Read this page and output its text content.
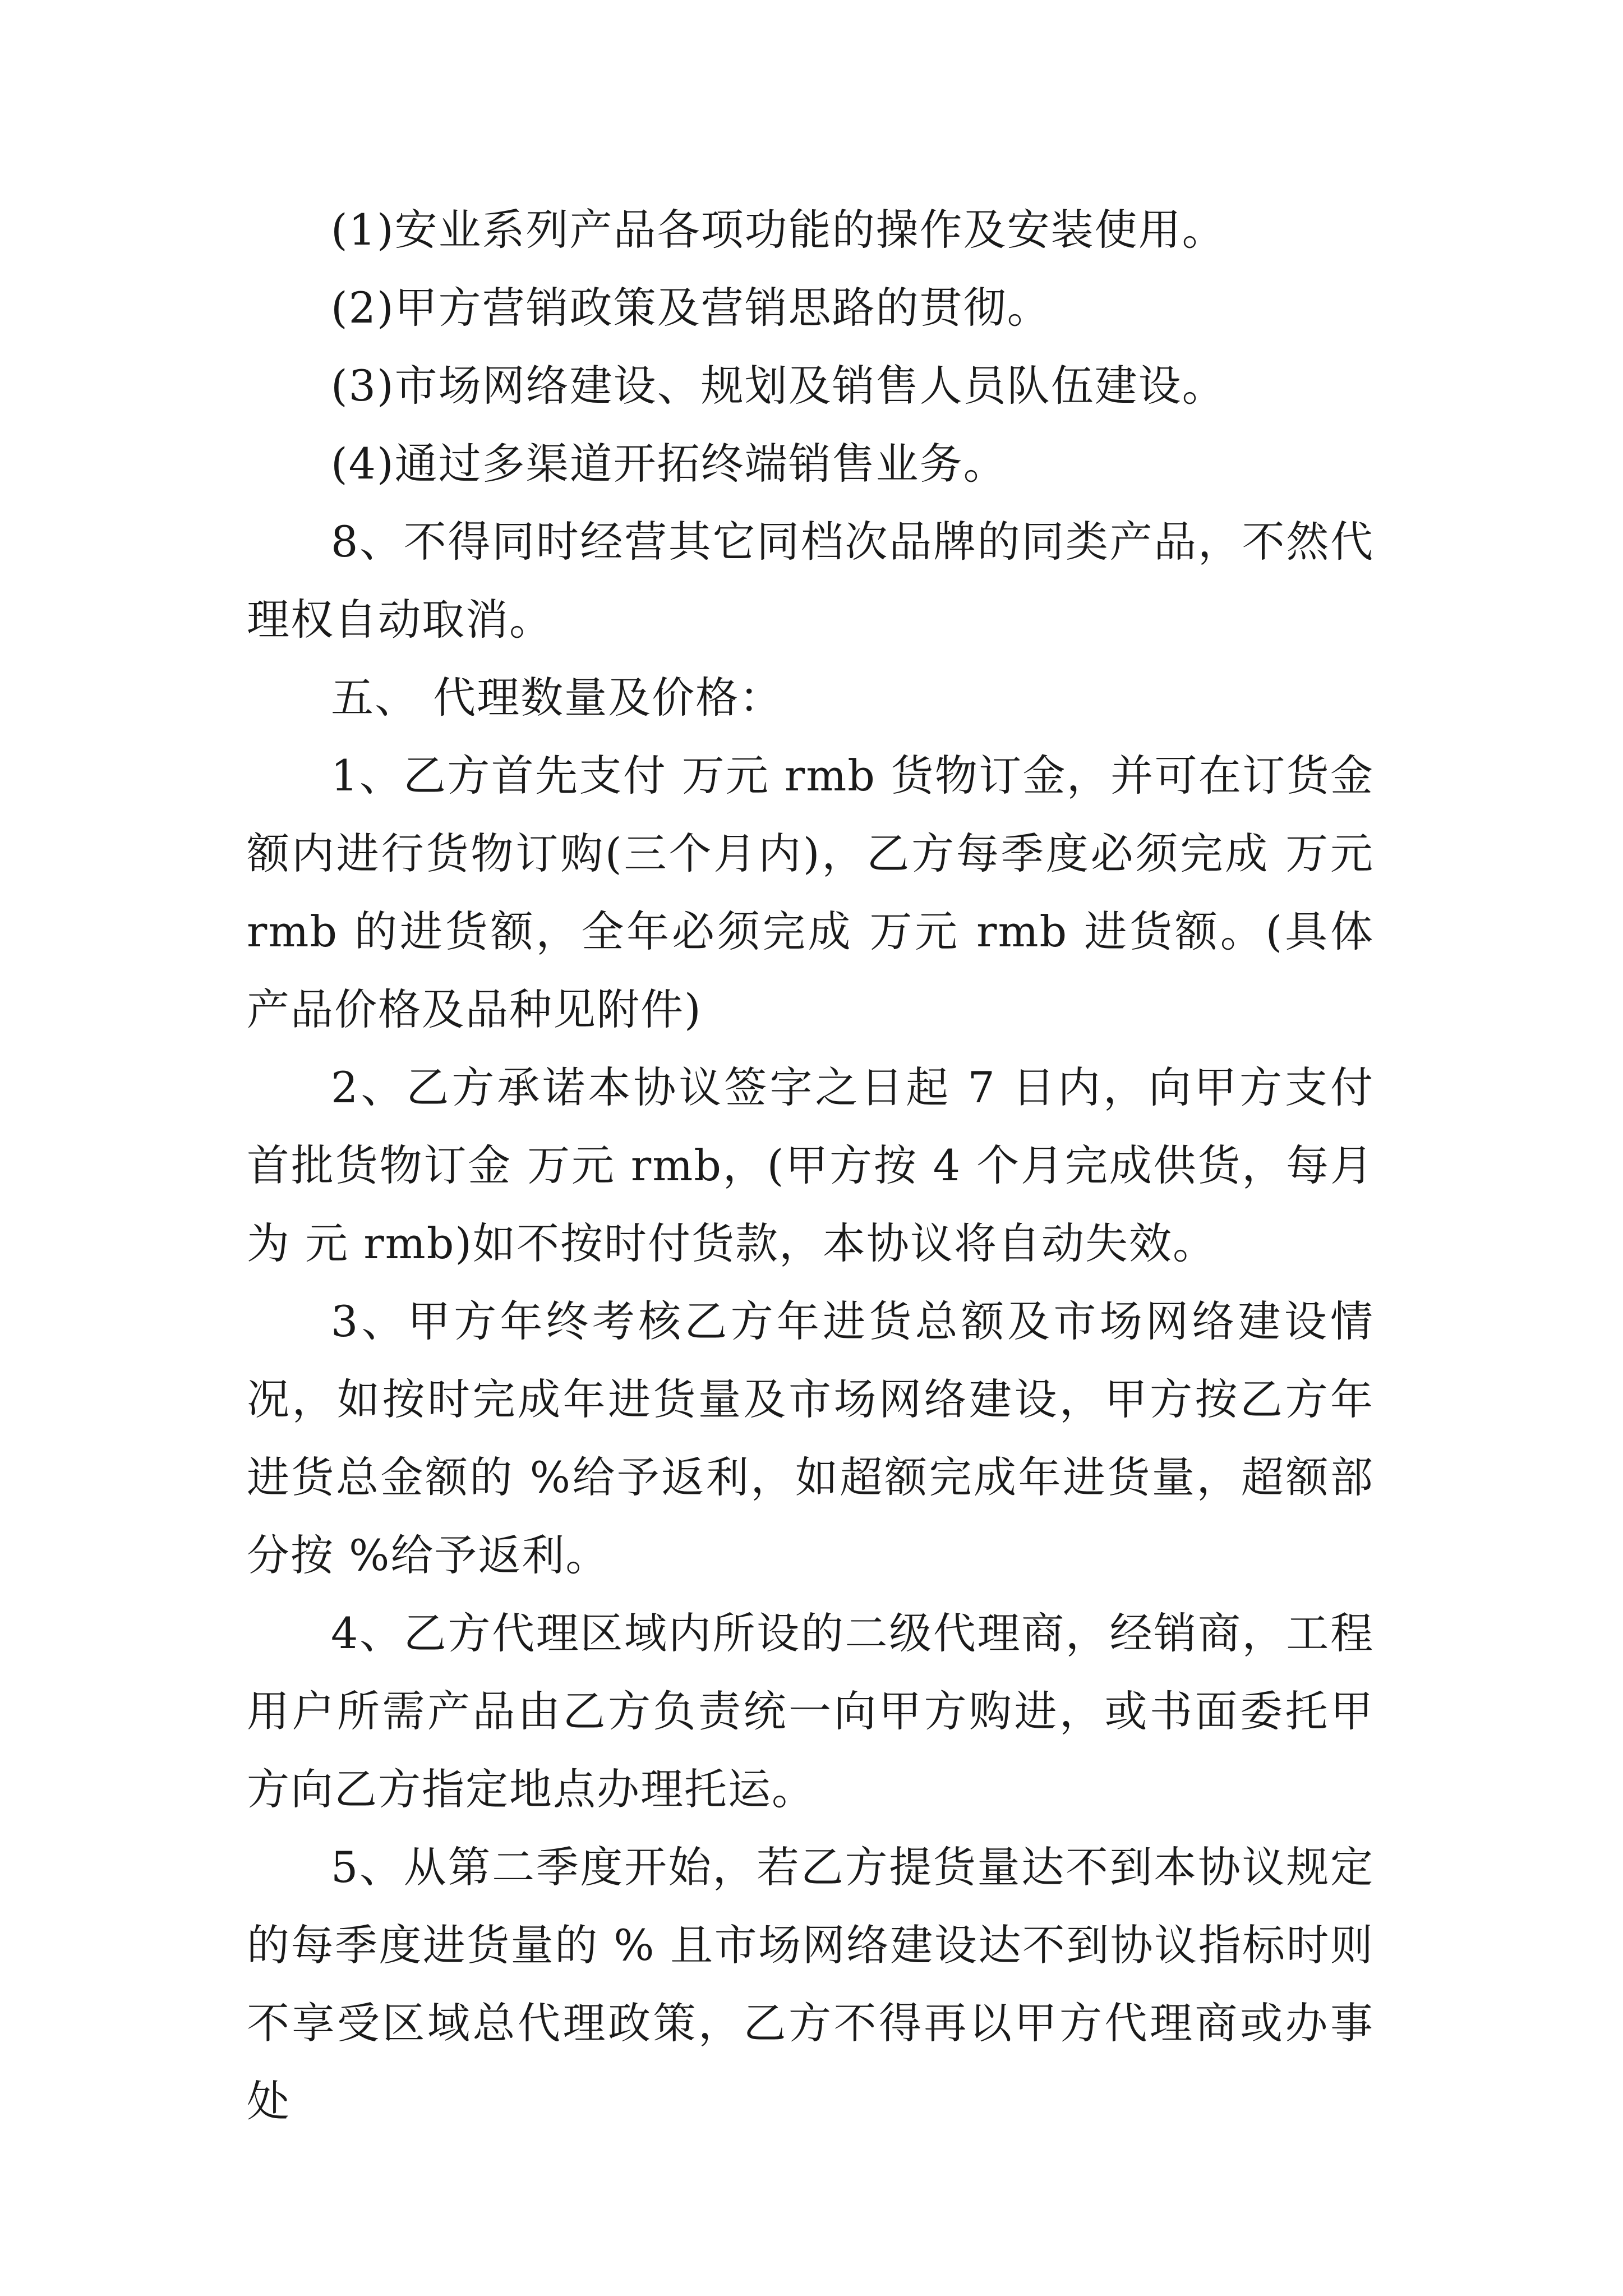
(1)安业系列产品各项功能的操作及安装使用。

(2)甲方营销政策及营销思路的贯彻。

(3)市场网络建设、规划及销售人员队伍建设。

(4)通过多渠道开拓终端销售业务。

8、不得同时经营其它同档次品牌的同类产品，不然代理权自动取消。

五、 代理数量及价格：

1、乙方首先支付 万元 rmb 货物订金，并可在订货金额内进行货物订购(三个月内)，乙方每季度必须完成 万元 rmb 的进货额，全年必须完成 万元 rmb 进货额。(具体产品价格及品种见附件)

2、乙方承诺本协议签字之日起 7 日内，向甲方支付首批货物订金 万元 rmb，(甲方按 4 个月完成供货，每月为 元 rmb)如不按时付货款，本协议将自动失效。

3、甲方年终考核乙方年进货总额及市场网络建设情况，如按时完成年进货量及市场网络建设，甲方按乙方年进货总金额的 %给予返利，如超额完成年进货量，超额部分按 %给予返利。

4、乙方代理区域内所设的二级代理商，经销商，工程用户所需产品由乙方负责统一向甲方购进，或书面委托甲方向乙方指定地点办理托运。

5、从第二季度开始，若乙方提货量达不到本协议规定的每季度进货量的 % 且市场网络建设达不到协议指标时则不享受区域总代理政策，乙方不得再以甲方代理商或办事处
